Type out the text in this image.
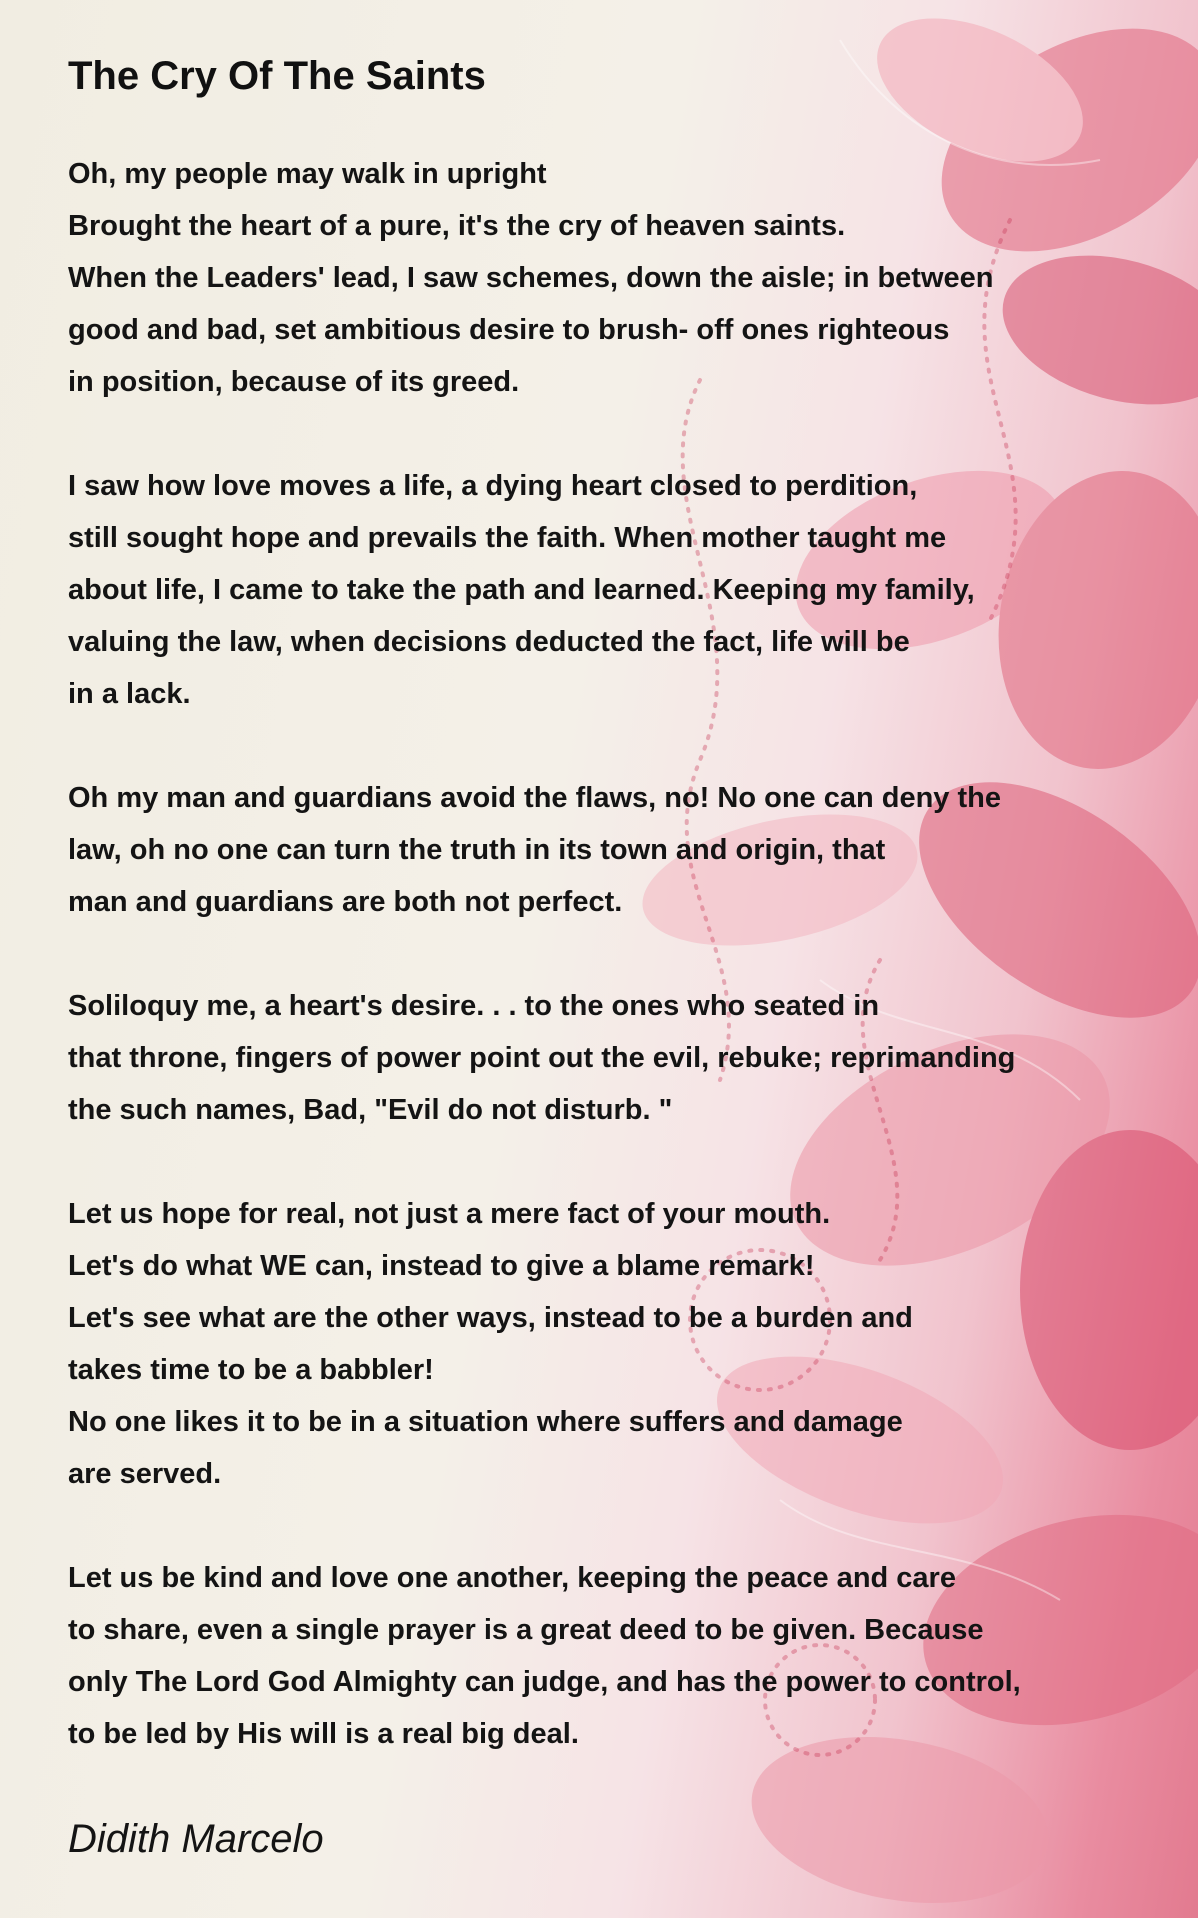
The Cry Of The Saints

Oh, my people may walk in upright
Brought the heart of a pure, it's the cry of heaven saints.
When the Leaders' lead, I saw schemes, down the aisle; in between
good and bad, set ambitious desire to brush- off ones righteous
in position, because of its greed.

I saw how love moves a life, a dying heart closed to perdition,
still sought hope and prevails the faith. When mother taught me
about life, I came to take the path and learned. Keeping my family,
valuing the law, when decisions deducted the fact, life will be
in a lack.

Oh my man and guardians avoid the flaws, no! No one can deny the
law, oh no one can turn the truth in its town and origin, that
man and guardians are both not perfect.

Soliloquy me, a heart's desire. . . to the ones who seated in
that throne, fingers of power point out the evil, rebuke; reprimanding
the such names, Bad, "Evil do not disturb. "

Let us hope for real, not just a mere fact of your mouth.
Let's do what WE can, instead to give a blame remark!
Let's see what are the other ways, instead to be a burden and
takes time to be a babbler!
No one likes it to be in a situation where suffers and damage
are served.

Let us be kind and love one another, keeping the peace and care
to share, even a single prayer is a great deed to be given. Because
only The Lord God Almighty can judge, and has the power to control,
to be led by His will is a real big deal.

Didith Marcelo
